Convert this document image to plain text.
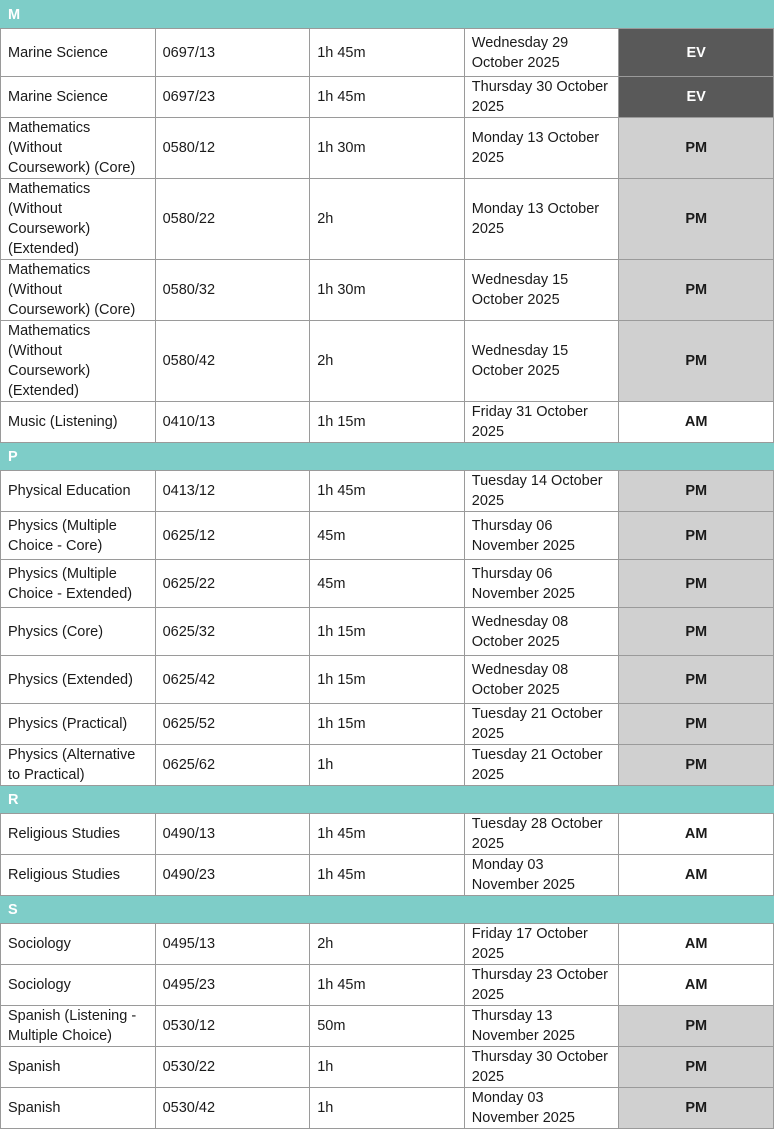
M				
Marine Science	0697/13	1h 45m	Wednesday 29 October 2025	EV
Marine Science	0697/23	1h 45m	Thursday 30 October 2025	EV
Mathematics (Without Coursework) (Core)	0580/12	1h 30m	Monday 13 October 2025	PM
Mathematics (Without Coursework) (Extended)	0580/22	2h	Monday 13 October 2025	PM
Mathematics (Without Coursework) (Core)	0580/32	1h 30m	Wednesday 15 October 2025	PM
Mathematics (Without Coursework) (Extended)	0580/42	2h	Wednesday 15 October 2025	PM
Music (Listening)	0410/13	1h 15m	Friday 31 October 2025	AM
P				
Physical Education	0413/12	1h 45m	Tuesday 14 October 2025	PM
Physics (Multiple Choice - Core)	0625/12	45m	Thursday 06 November 2025	PM
Physics (Multiple Choice - Extended)	0625/22	45m	Thursday 06 November 2025	PM
Physics (Core)	0625/32	1h 15m	Wednesday 08 October 2025	PM
Physics (Extended)	0625/42	1h 15m	Wednesday 08 October 2025	PM
Physics (Practical)	0625/52	1h 15m	Tuesday 21 October 2025	PM
Physics (Alternative to Practical)	0625/62	1h	Tuesday 21 October 2025	PM
R				
Religious Studies	0490/13	1h 45m	Tuesday 28 October 2025	AM
Religious Studies	0490/23	1h 45m	Monday 03 November 2025	AM
S				
Sociology	0495/13	2h	Friday 17 October 2025	AM
Sociology	0495/23	1h 45m	Thursday 23 October 2025	AM
Spanish (Listening - Multiple Choice)	0530/12	50m	Thursday 13 November 2025	PM
Spanish	0530/22	1h	Thursday 30 October 2025	PM
Spanish	0530/42	1h	Monday 03 November 2025	PM
